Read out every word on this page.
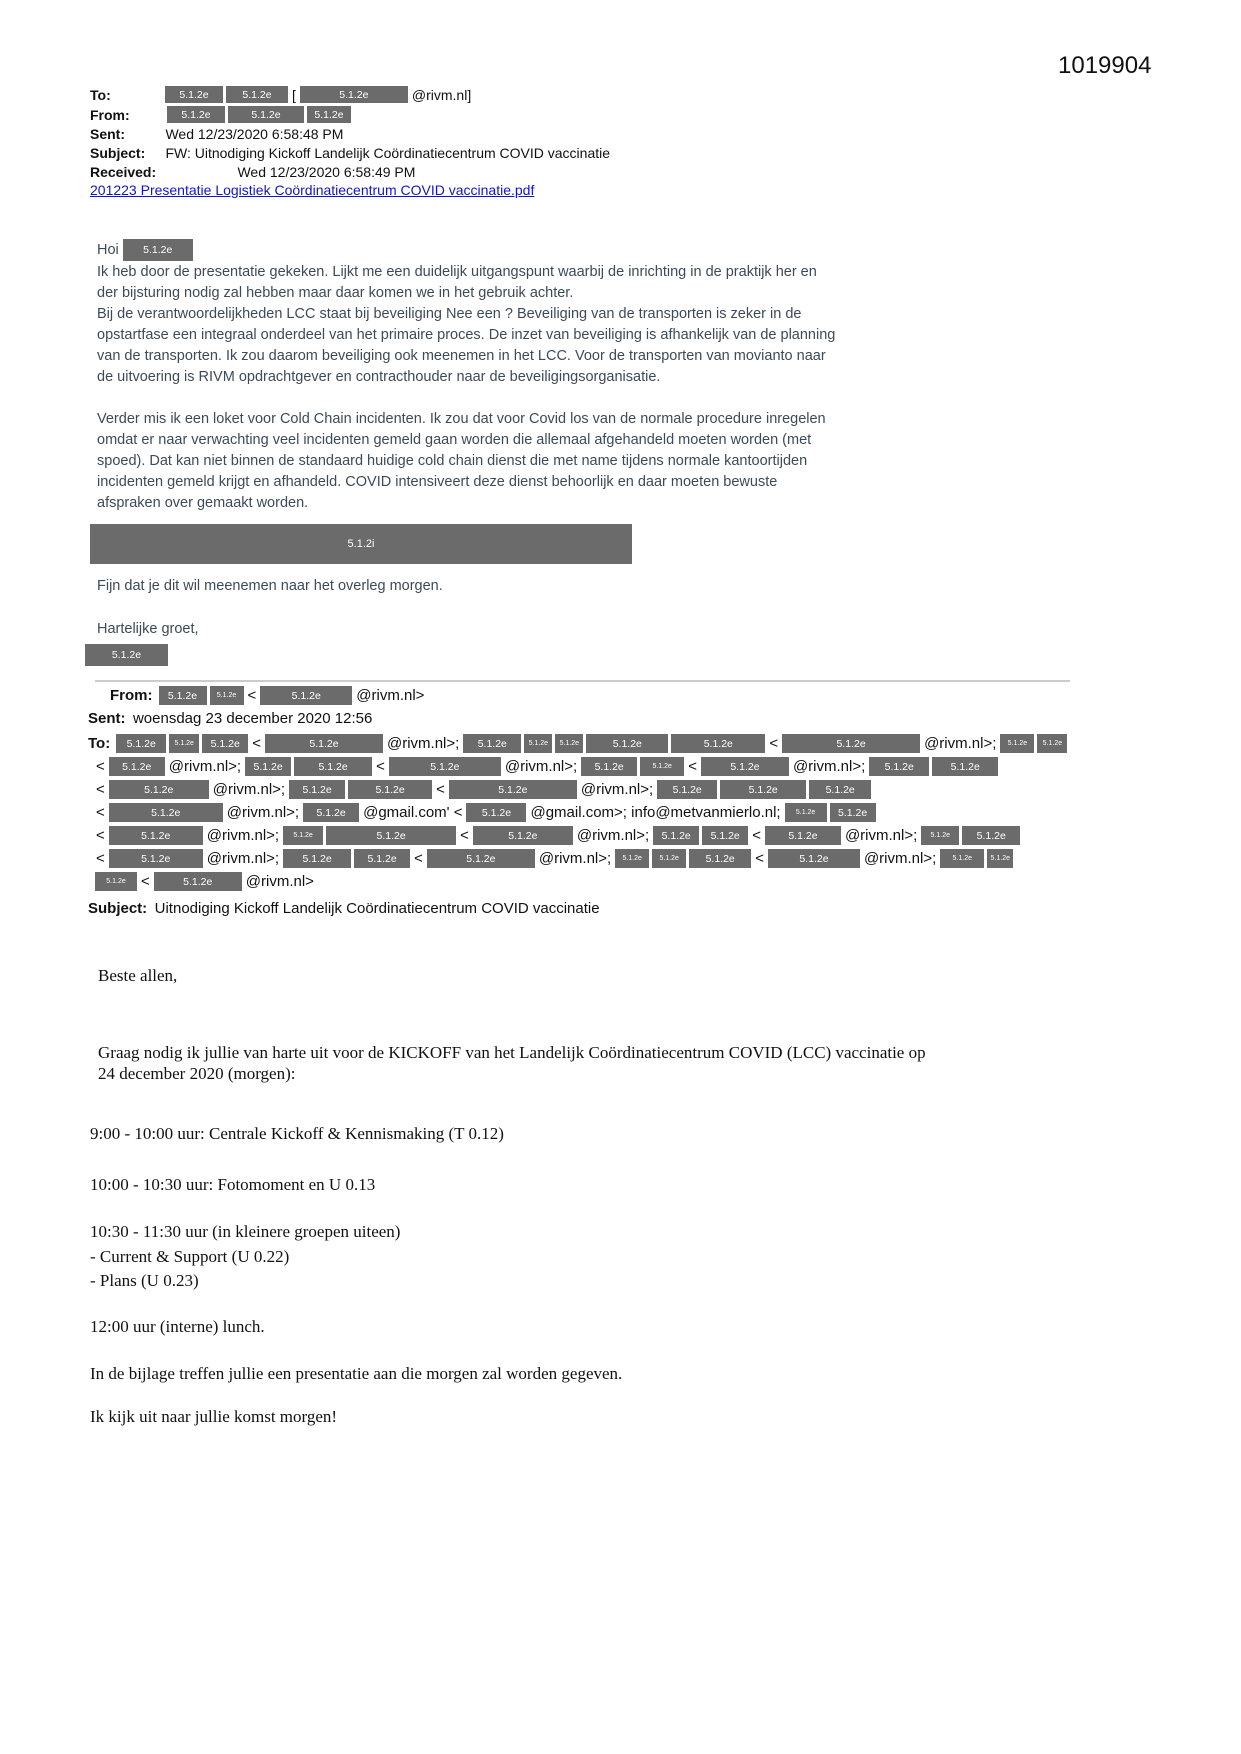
1019904
To:	5.1.2e	5.1.2e	[	5.1.2e	@rivm.nl]
From:	5.1.2e	5.1.2e	5.1.2e
Sent:	Wed 12/23/2020 6:58:48 PM
Subject: FW: Uitnodiging Kickoff Landelijk Coördinatiecentrum COVID vaccinatie
Received:	Wed 12/23/2020 6:58:49 PM
201223 Presentatie Logistiek Coördinatiecentrum COVID vaccinatie.pdf
Hoi	5.1.2e
Ik heb door de presentatie gekeken. Lijkt me een duidelijk uitgangspunt waarbij de inrichting in de praktijk her en
der bijsturing nodig zal hebben maar daar komen we in het gebruik achter.
Bij de verantwoordelijkheden LCC staat bij beveiliging Nee een ? Beveiliging van de transporten is zeker in de
opstartfase een integraal onderdeel van het primaire proces. De inzet van beveiliging is afhankelijk van de planning
van de transporten. Ik zou daarom beveiliging ook meenemen in het LCC. Voor de transporten van movianto naar
de uitvoering is RIVM opdrachtgever en contracthouder naar de beveiligingsorganisatie.
Verder mis ik een loket voor Cold Chain incidenten. Ik zou dat voor Covid los van de normale procedure inregelen
omdat er naar verwachting veel incidenten gemeld gaan worden die allemaal afgehandeld moeten worden (met
spoed). Dat kan niet binnen de standaard huidige cold chain dienst die met name tijdens normale kantoortijden
incidenten gemeld krijgt en afhandeld. COVID intensiveert deze dienst behoorlijk en daar moeten bewuste
afspraken over gemaakt worden.
5.1.2i
Fijn dat je dit wil meenemen naar het overleg morgen.
Hartelijke groet,
5.1.2e
From:	5.1.2e	5.1.2e <	5.1.2e	@rivm.nl>
Sent: woensdag 23 december 2020 12:56
To:	5.1.2e	5.1.2e	5.1.2e <	5.1.2e	@rivm.nl>;	5.1.2e	5.1.2e	5.1.2e	5.1.2e	5.1.2e	<	5.1.2e	@rivm.nl>;	5.1.2e	5.1.2e
<	5.1.2e	@rivm.nl>;	5.1.2e	5.1.2e	<	5.1.2e	@rivm.nl>;	5.1.2e	5.1.2e	<	5.1.2e	@rivm.nl>;	5.1.2e	5.1.2e
<	5.1.2e	@rivm.nl>;	5.1.2e	5.1.2e	<	5.1.2e	@rivm.nl>;	5.1.2e	5.1.2e	5.1.2e
<	5.1.2e	@rivm.nl>;	5.1.2e	@gmail.com' <	5.1.2e	@gmail.com>; info@metvanmierlo.nl;	5.1.2e	5.1.2e
<	5.1.2e	@rivm.nl>;	5.1.2e	5.1.2e	<	5.1.2e	@rivm.nl>;	5.1.2e	5.1.2e <	5.1.2e	@rivm.nl>;	5.1.2e	5.1.2e
<	5.1.2e	@rivm.nl>;	5.1.2e	5.1.2e	<	5.1.2e	@rivm.nl>;	5.1.2e	5.1.2e	5.1.2e	<	5.1.2e	@rivm.nl>;	5.1.2e	5.1.2e
5.1.2e	<	5.1.2e	@rivm.nl>
Subject: Uitnodiging Kickoff Landelijk Coördinatiecentrum COVID vaccinatie
Beste allen,
Graag nodig ik jullie van harte uit voor de KICKOFF van het Landelijk Coördinatiecentrum COVID (LCC) vaccinatie op
24 december 2020 (morgen):
9:00 - 10:00 uur: Centrale Kickoff & Kennismaking (T 0.12)
10:00 - 10:30 uur: Fotomoment en U 0.13
10:30 - 11:30 uur (in kleinere groepen uiteen)
- Current & Support (U 0.22)
- Plans (U 0.23)
12:00 uur (interne) lunch.
In de bijlage treffen jullie een presentatie aan die morgen zal worden gegeven.
Ik kijk uit naar jullie komst morgen!
